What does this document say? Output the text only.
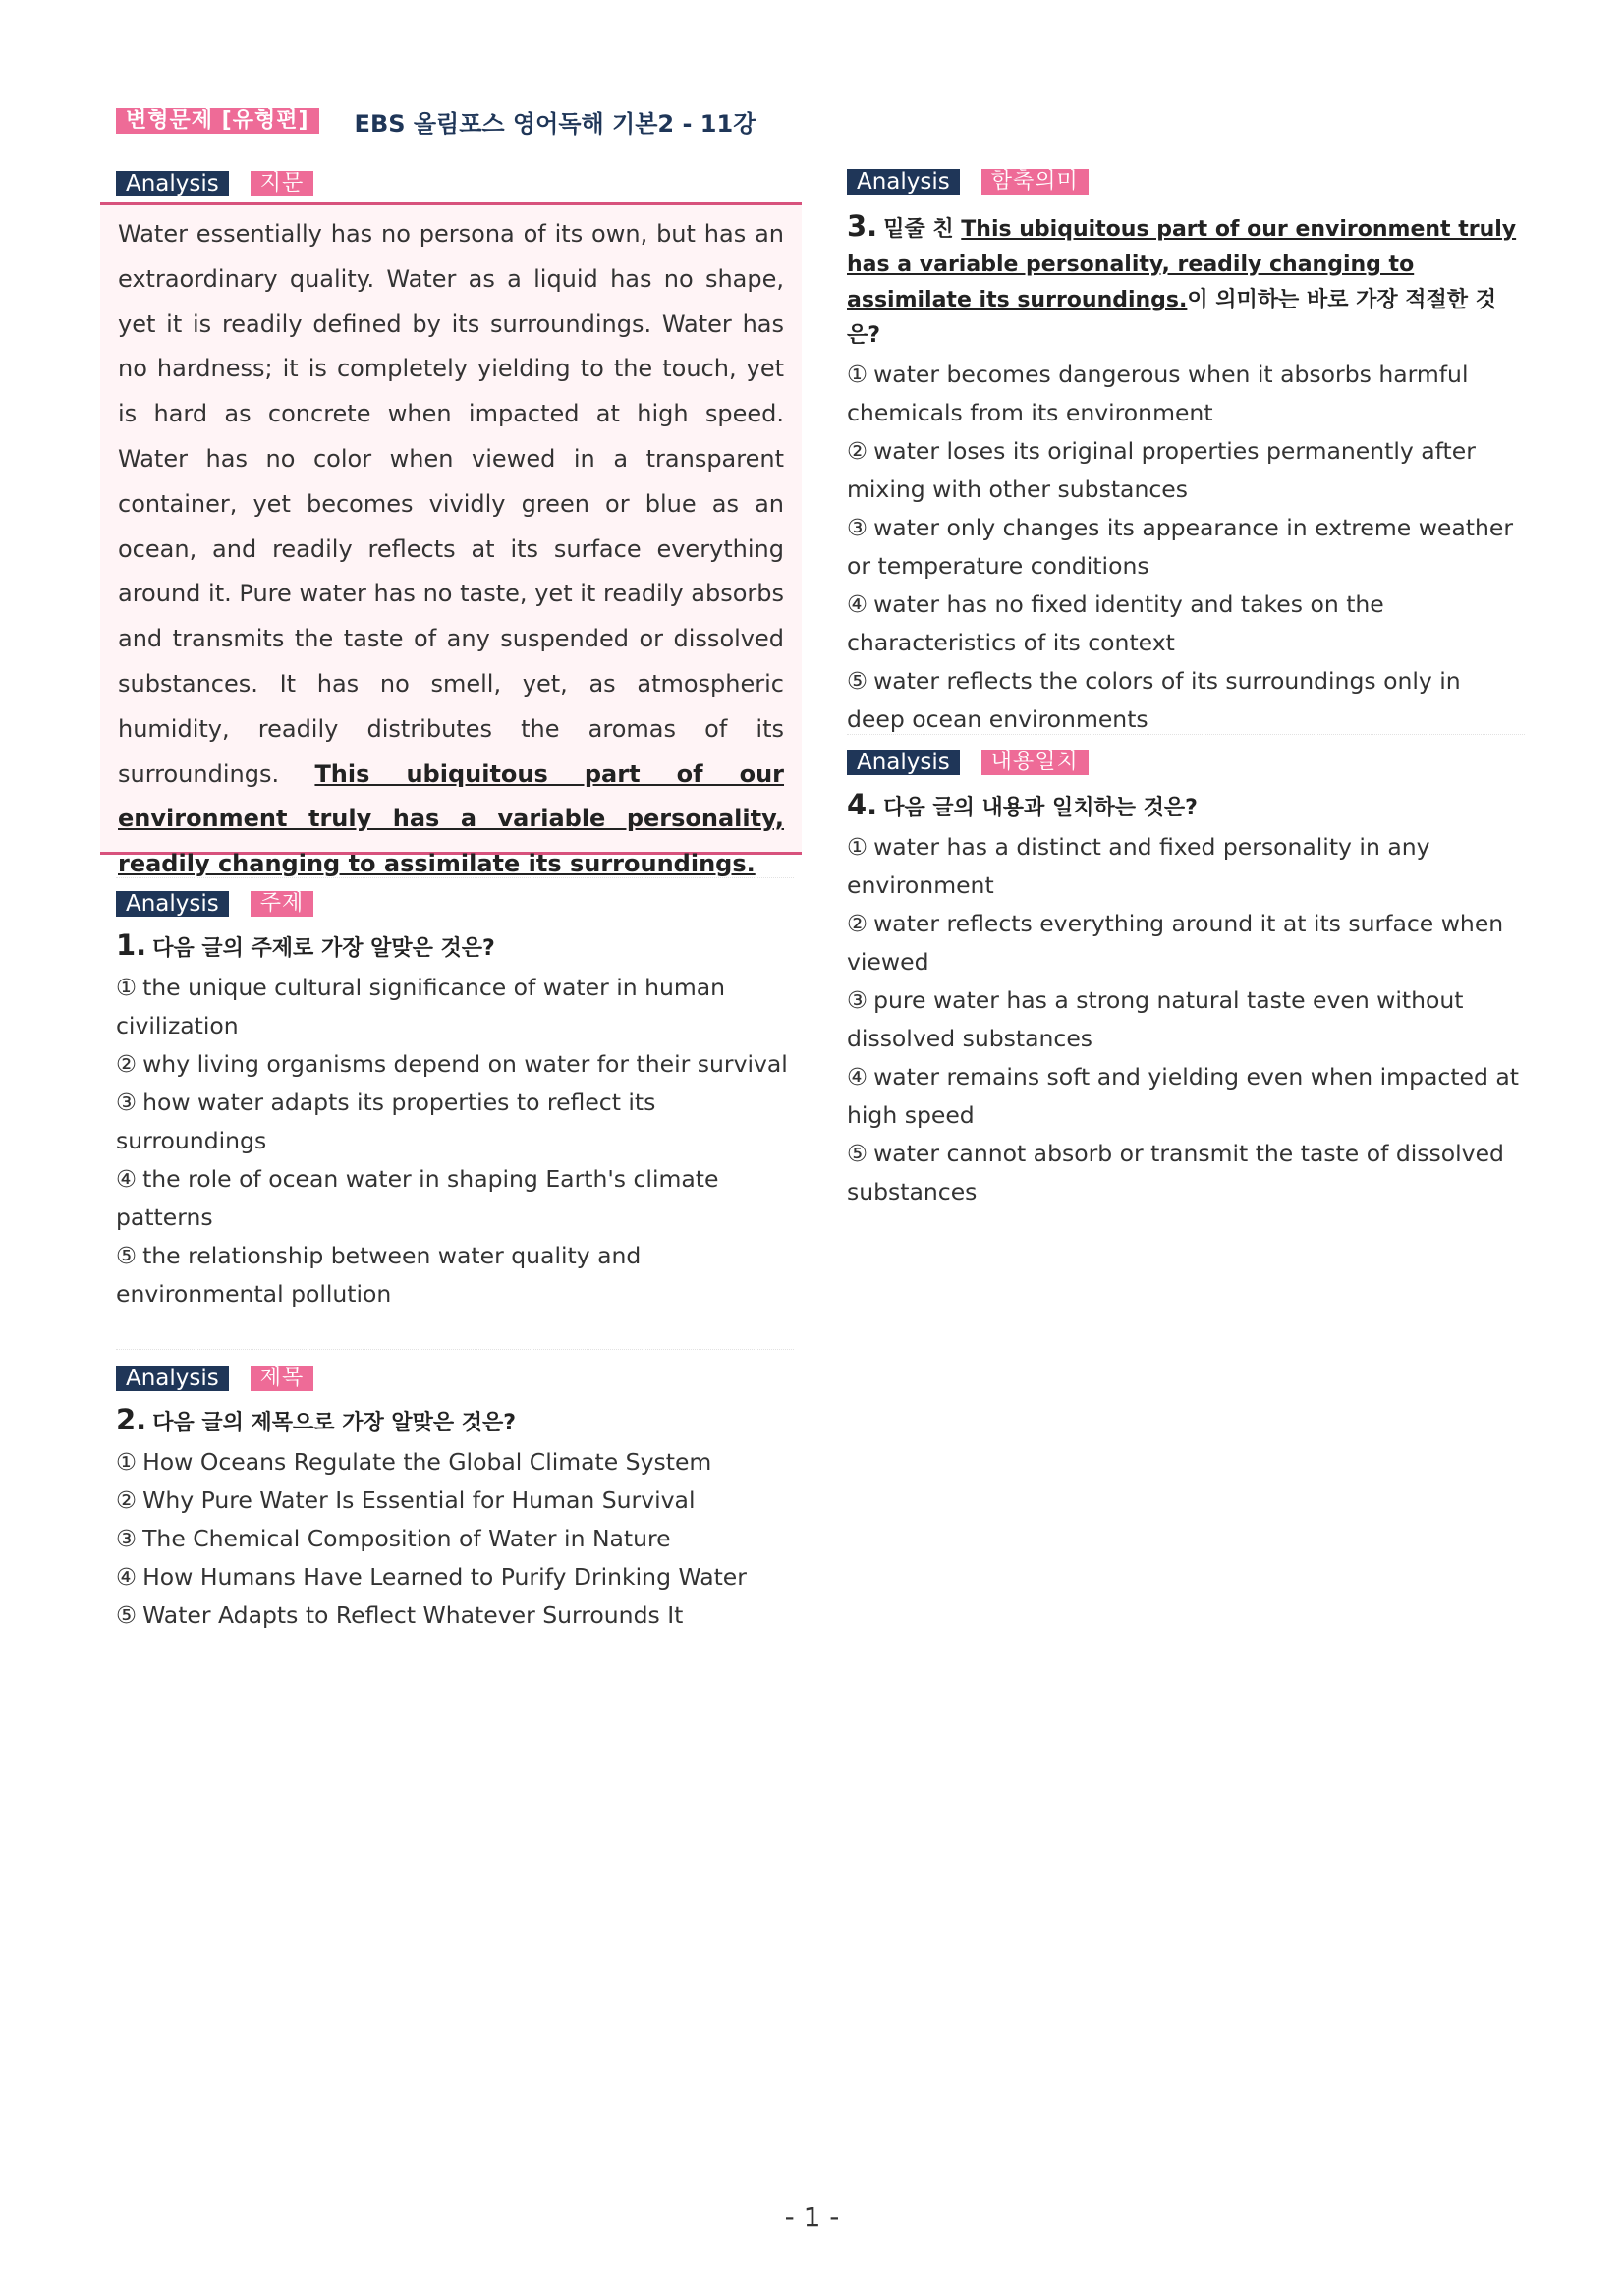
변형문제 [유형편]	EBS 올림포스 영어독해 기본2 - 11강
Analysis	지문

Water essentially has no persona of its own, but has an extraordinary quality. Water as a liquid has no shape, yet it is readily defined by its surroundings. Water has no hardness; it is completely yielding to the touch, yet is hard as concrete when impacted at high speed. Water has no color when viewed in a transparent container, yet becomes vividly green or blue as an ocean, and readily reflects at its surface everything around it. Pure water has no taste, yet it readily absorbs and transmits the taste of any suspended or dissolved substances. It has no smell, yet, as atmospheric humidity, readily distributes the aromas of its surroundings. This ubiquitous part of our environment truly has a variable personality, readily changing to assimilate its surroundings.

Analysis	주제

1. 다음 글의 주제로 가장 알맞은 것은?

① the unique cultural significance of water in human civilization
② why living organisms depend on water for their survival
③ how water adapts its properties to reflect its surroundings
④ the role of ocean water in shaping Earth's climate patterns
⑤ the relationship between water quality and environmental pollution
Analysis	제목

2. 다음 글의 제목으로 가장 알맞은 것은?

① How Oceans Regulate the Global Climate System
② Why Pure Water Is Essential for Human Survival
③ The Chemical Composition of Water in Nature
④ How Humans Have Learned to Purify Drinking Water
⑤ Water Adapts to Reflect Whatever Surrounds It
Analysis	함축의미

3. 밑줄 친 This ubiquitous part of our environment truly has a variable personality, readily changing to assimilate its surroundings.이 의미하는 바로 가장 적절한 것은?

① water becomes dangerous when it absorbs harmful chemicals from its environment
② water loses its original properties permanently after mixing with other substances
③ water only changes its appearance in extreme weather or temperature conditions
④ water has no fixed identity and takes on the characteristics of its context
⑤ water reflects the colors of its surroundings only in deep ocean environments
Analysis	내용일치

4. 다음 글의 내용과 일치하는 것은?

① water has a distinct and fixed personality in any environment
② water reflects everything around it at its surface when viewed
③ pure water has a strong natural taste even without dissolved substances
④ water remains soft and yielding even when impacted at high speed
⑤ water cannot absorb or transmit the taste of dissolved substances
- 1 -
